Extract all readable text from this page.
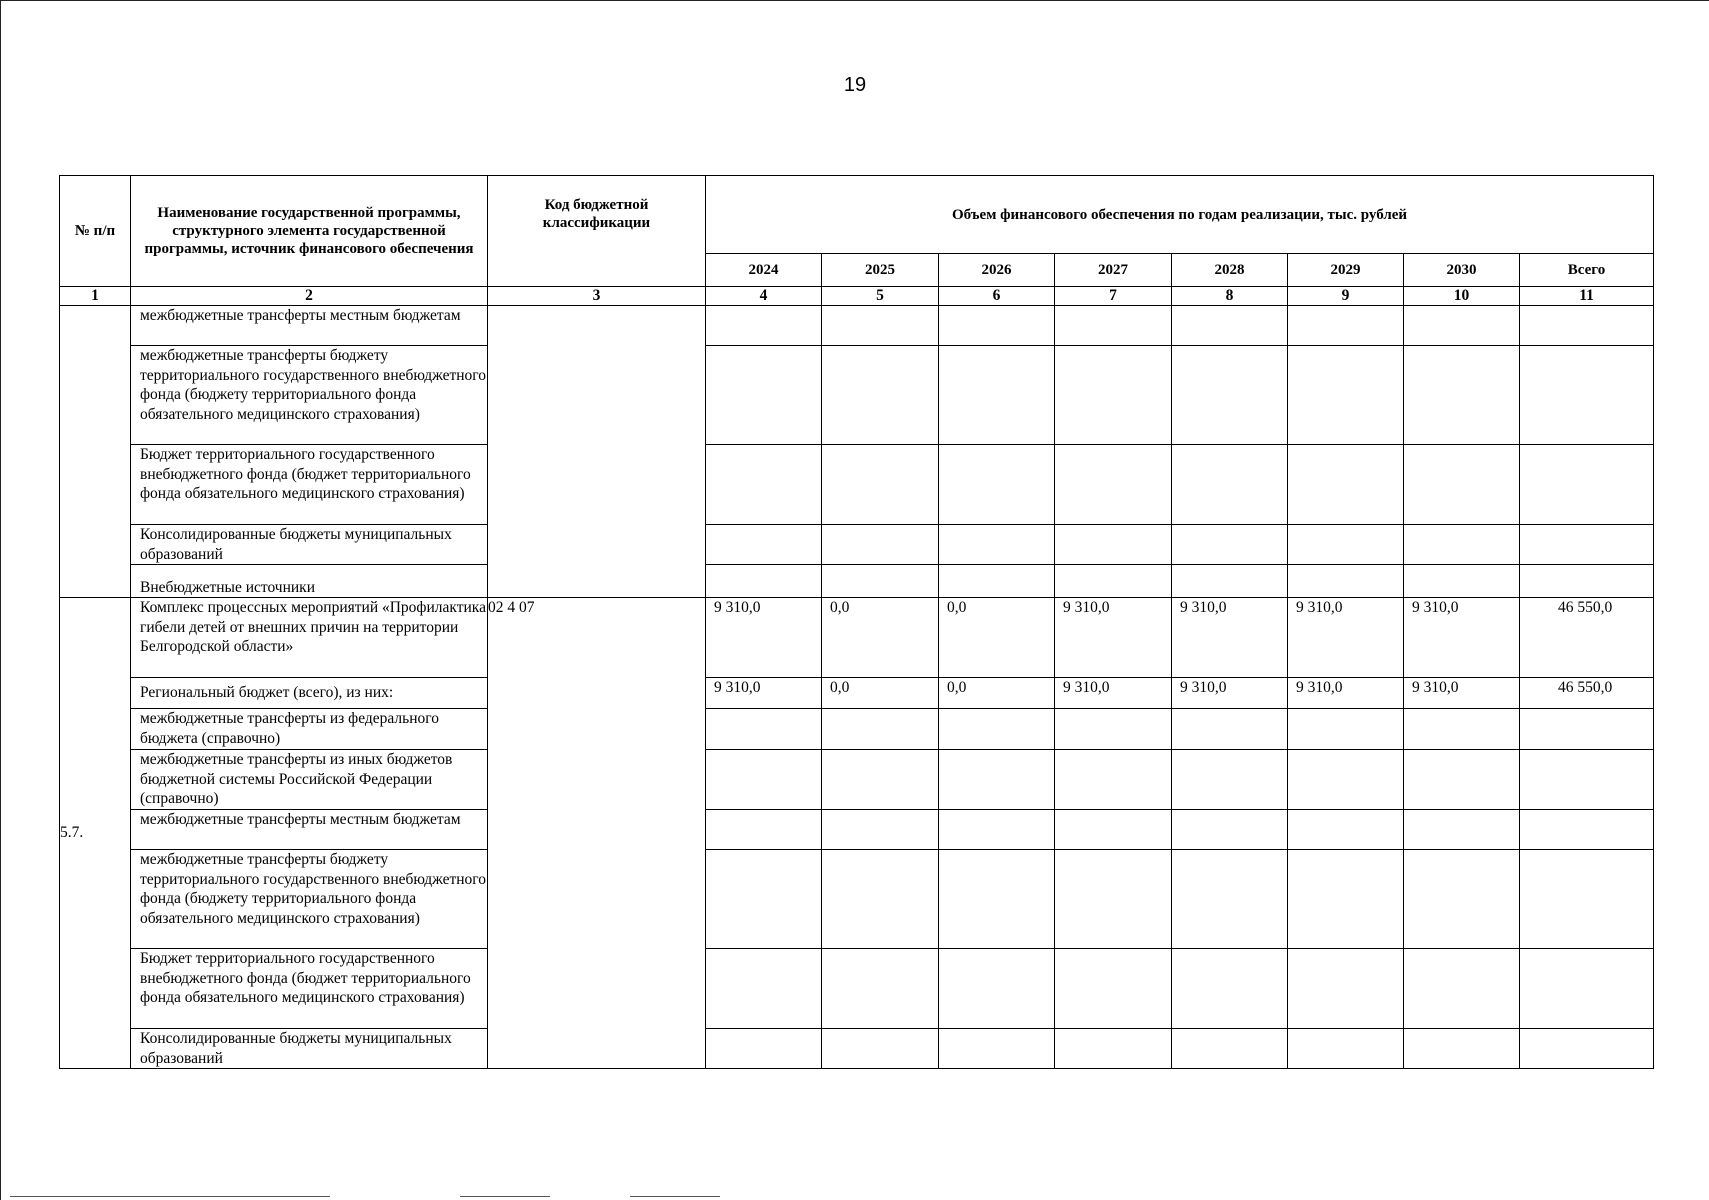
19
№ п/п	Наименование государственной программы, структурного элемента государственной программы, источник финансового обеспечения	Код бюджетной классификации	Объем финансового обеспечения по годам реализации, тыс. рублей							
			2024	2025	2026	2027	2028	2029	2030	Всего
1	2	3	4	5	6	7	8	9	10	11
	межбюджетные трансферты местным бюджетам									
	межбюджетные трансферты бюджету территориального государственного внебюджетного фонда (бюджету территориального фонда обязательного медицинского страхования)									
	Бюджет территориального государственного внебюджетного фонда (бюджет территориального фонда обязательного медицинского страхования)									
	Консолидированные бюджеты муниципальных образований									
	Внебюджетные источники									
5.7.	Комплекс процессных мероприятий «Профилактика гибели детей от внешних причин на территории Белгородской области»	02 4 07	9 310,0	0,0	0,0	9 310,0	9 310,0	9 310,0	9 310,0	46 550,0
	Региональный бюджет (всего), из них:		9 310,0	0,0	0,0	9 310,0	9 310,0	9 310,0	9 310,0	46 550,0
	межбюджетные трансферты из федерального бюджета (справочно)									
	межбюджетные трансферты из иных бюджетов бюджетной системы Российской Федерации (справочно)									
	межбюджетные трансферты местным бюджетам									
	межбюджетные трансферты бюджету территориального государственного внебюджетного фонда (бюджету территориального фонда обязательного медицинского страхования)									
	Бюджет территориального государственного внебюджетного фонда (бюджет территориального фонда обязательного медицинского страхования)									
	Консолидированные бюджеты муниципальных образований									
